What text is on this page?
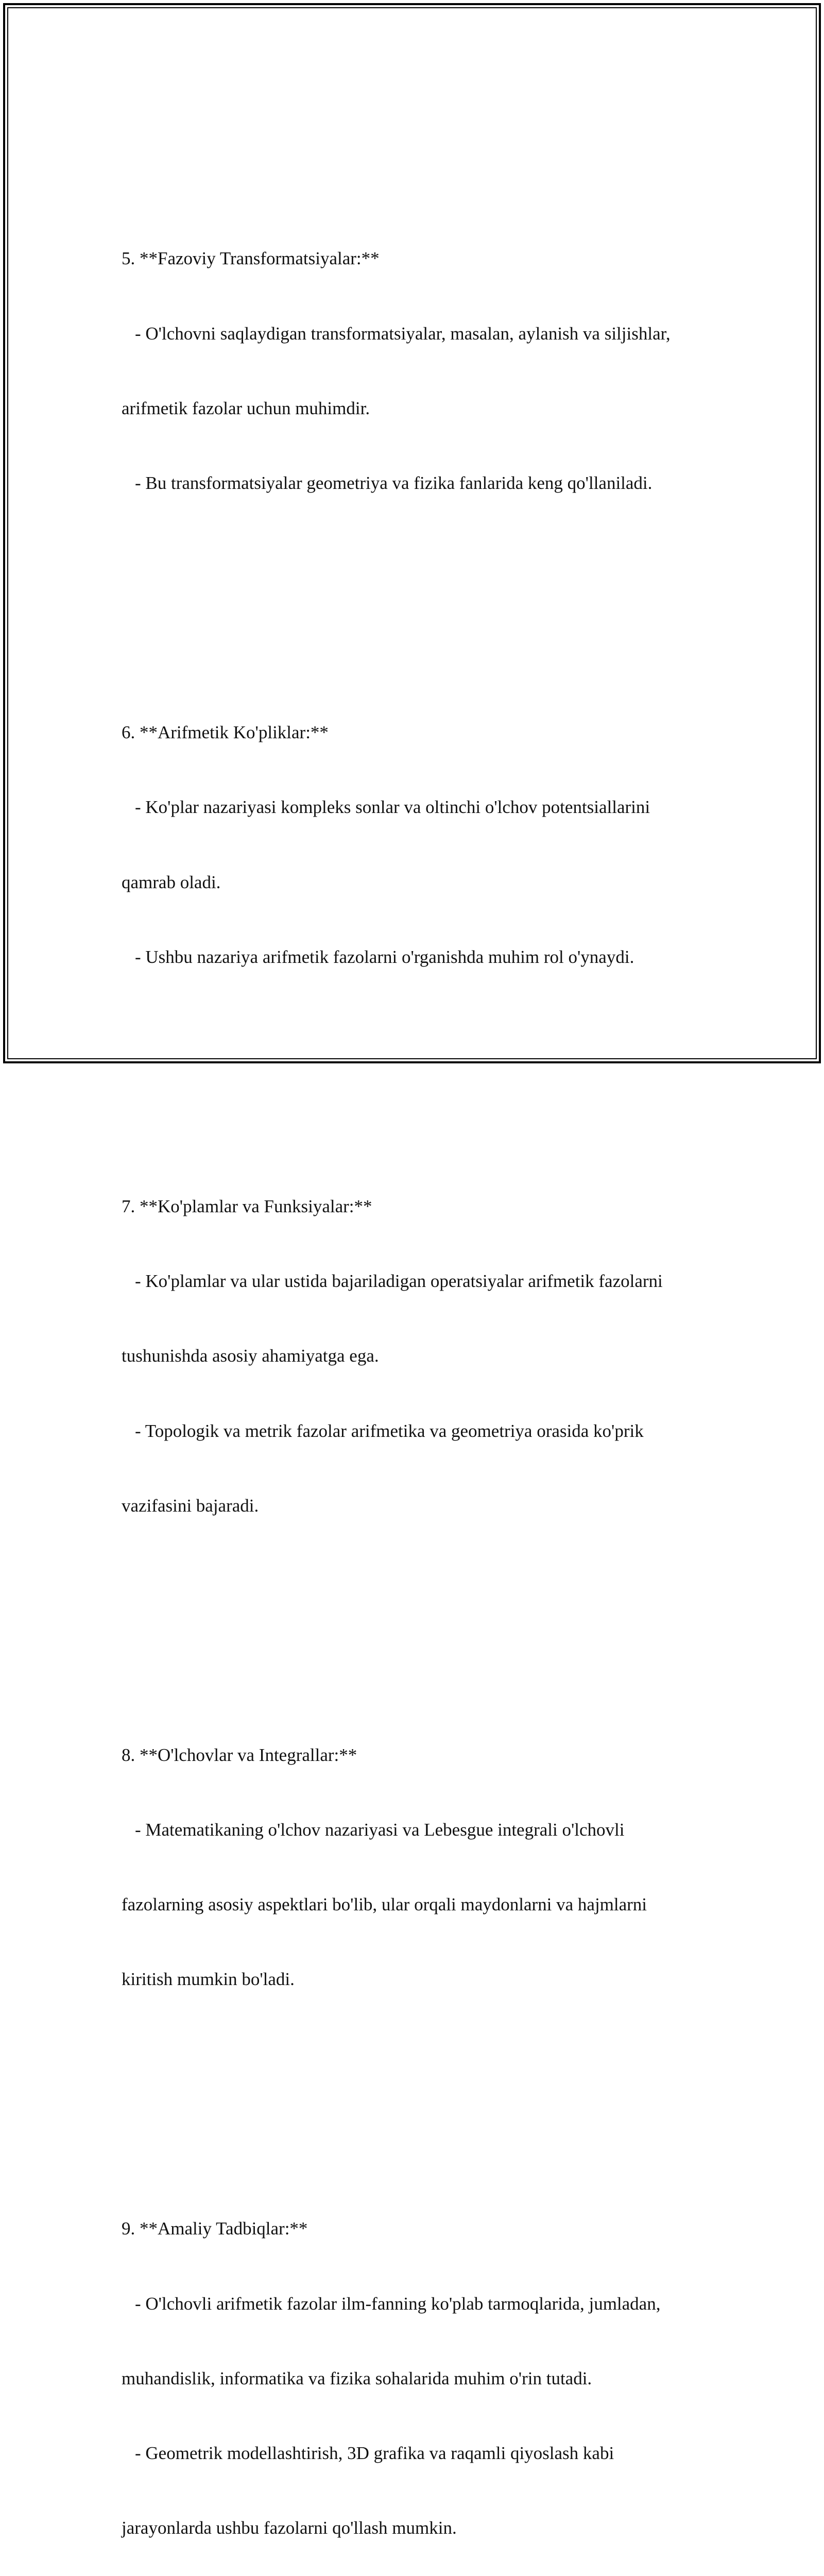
5. **Fazoviy Transformatsiyalar:**

- O'lchovni saqlaydigan transformatsiyalar, masalan, aylanish va siljishlar,

arifmetik fazolar uchun muhimdir.

- Bu transformatsiyalar geometriya va fizika fanlarida keng qo'llaniladi.

6. **Arifmetik Ko'pliklar:**

- Ko'plar nazariyasi kompleks sonlar va oltinchi o'lchov potentsiallarini

qamrab oladi.

- Ushbu nazariya arifmetik fazolarni o'rganishda muhim rol o'ynaydi.

7. **Ko'plamlar va Funksiyalar:**

- Ko'plamlar va ular ustida bajariladigan operatsiyalar arifmetik fazolarni

tushunishda asosiy ahamiyatga ega.

- Topologik va metrik fazolar arifmetika va geometriya orasida ko'prik

vazifasini bajaradi.

8. **O'lchovlar va Integrallar:**

- Matematikaning o'lchov nazariyasi va Lebesgue integrali o'lchovli

fazolarning asosiy aspektlari bo'lib, ular orqali maydonlarni va hajmlarni

kiritish mumkin bo'ladi.

9. **Amaliy Tadbiqlar:**

- O'lchovli arifmetik fazolar ilm-fanning ko'plab tarmoqlarida, jumladan,

muhandislik, informatika va fizika sohalarida muhim o'rin tutadi.

- Geometrik modellashtirish, 3D grafika va raqamli qiyoslash kabi

jarayonlarda ushbu fazolarni qo'llash mumkin.
